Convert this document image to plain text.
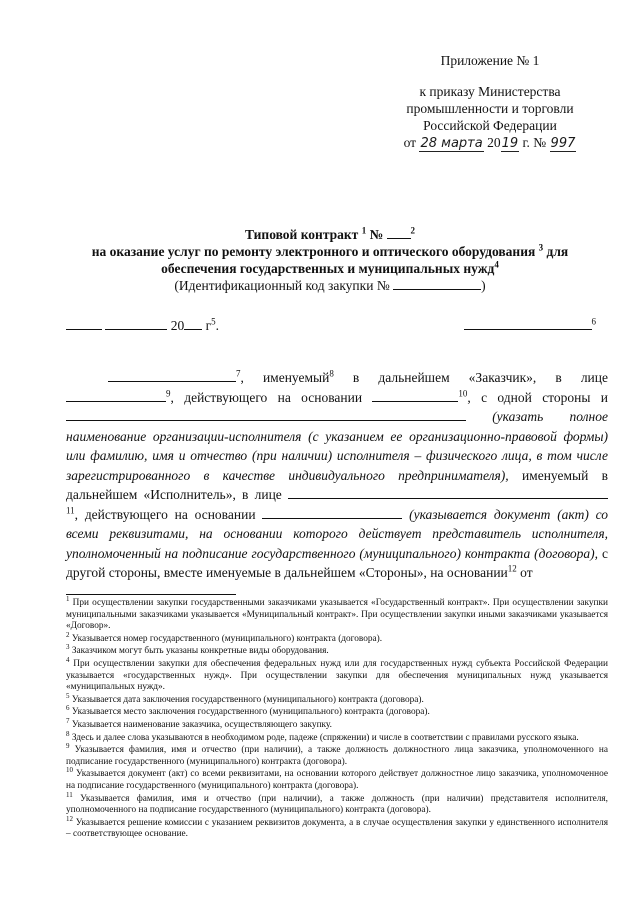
Приложение № 1
к приказу Министерства
промышленности и торговли
Российской Федерации
от 28 марта 2019 г. № 997
Типовой контракт $^1$ №	$^2$
на оказание услуг по ремонту электронного и оптического оборудования $^3$ для
обеспечения государственных и муниципальных нужд$^4$
(Идентификационный код закупки №	)
20 $г^5$.	$^6$

$^7$, именуемый$^8$ в дальнейшем «Заказчик», в лице $^9$, действующего на основании	$^{10}$, с одной стороны и  (указать полное наименование организации-исполнителя (с указанием ее организационно-правовой формы) или фамилию, имя и отчество (при наличии) исполнителя – физического лица, в том числе зарегистрированного в качестве индивидуального предпринимателя), именуемый в дальнейшем «Исполнитель», в лице $^{11}$, действующего на основании	(указывается документ (акт) со всеми реквизитами, на основании которого действует представитель исполнителя, уполномоченный на подписание государственного (муниципального) контракта (договора), с другой стороны, вместе именуемые в дальнейшем «Стороны», на основании$^{12}$ от

$^1$ При осуществлении закупки государственными заказчиками указывается «Государственный контракт». При осуществлении закупки муниципальными заказчиками указывается «Муниципальный контракт». При осуществлении закупки иными заказчиками указывается «Договор».
$^2$ Указывается номер государственного (муниципального) контракта (договора).
$^3$ Заказчиком могут быть указаны конкретные виды оборудования.
$^4$ При осуществлении закупки для обеспечения федеральных нужд или для государственных нужд субъекта Российской Федерации указывается «государственных нужд». При осуществлении закупки для обеспечения муниципальных нужд указывается «муниципальных нужд».
$^5$ Указывается дата заключения государственного (муниципального) контракта (договора).
$^6$ Указывается место заключения государственного (муниципального) контракта (договора).
$^7$ Указывается наименование заказчика, осуществляющего закупку.
$^8$ Здесь и далее слова указываются в необходимом роде, падеже (спряжении) и числе в соответствии с правилами русского языка.
$^9$ Указывается фамилия, имя и отчество (при наличии), а также должность должностного лица заказчика, уполномоченного на подписание государственного (муниципального) контракта (договора).
$^{10}$ Указывается документ (акт) со всеми реквизитами, на основании которого действует должностное лицо заказчика, уполномоченное на подписание государственного (муниципального) контракта (договора).
$^{11}$ Указывается фамилия, имя и отчество (при наличии), а также должность (при наличии) представителя исполнителя, уполномоченного на подписание государственного (муниципального) контракта (договора).
$^{12}$ Указывается решение комиссии с указанием реквизитов документа, а в случае осуществления закупки у единственного исполнителя – соответствующее основание.
